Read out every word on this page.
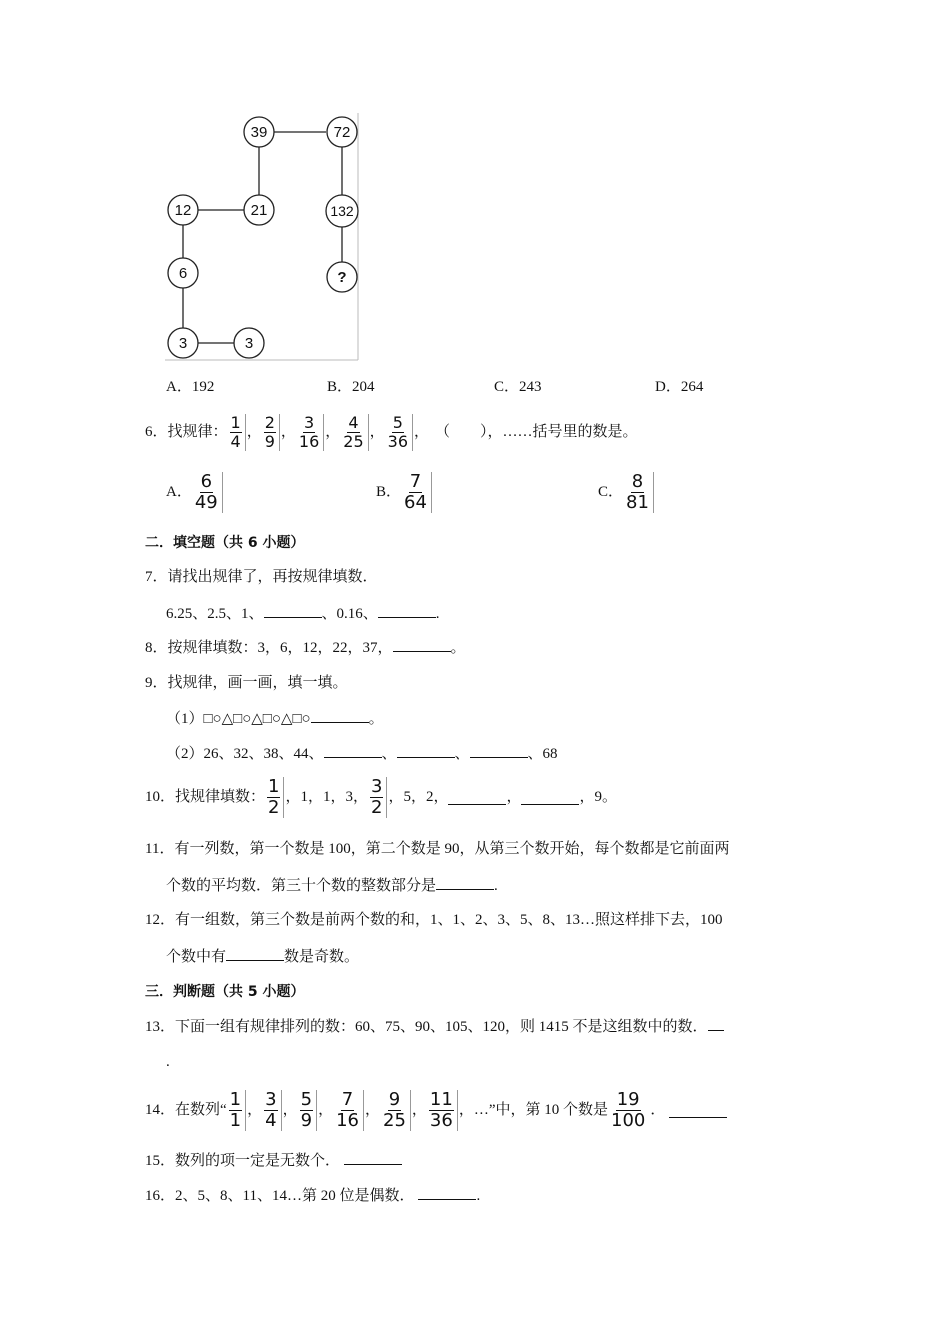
39	72
12	21	132
6	?
3	3
A．192	B．204	C．243	D．264
6．找规律： $\frac{1}{4}$ ， $\frac{2}{9}$ ， $\frac{3}{16}$ ， $\frac{4}{25}$ ， $\frac{5}{36}$ ， （　　），……括号里的数是。
A． $\frac{6}{49}$	B． $\frac{7}{64}$	C． $\frac{8}{81}$
二．填空题（共 6 小题）
7．请找出规律了，再按规律填数．
6.25、2.5、1、	、0.16、	.
8．按规律填数：3，6，12，22，37，	。
9．找规律，画一画，填一填。
（1）□○△□○△□○△□○	。
（2）26、32、38、44、	、	、	、68
10．找规律填数： $\frac{1}{2}$ ，1，1，3， $\frac{3}{2}$ ，5，2，	，	，9。
11．有一列数，第一个数是 100，第二个数是 90，从第三个数开始，每个数都是它前面两
个数的平均数．第三十个数的整数部分是	.
12．有一组数，第三个数是前两个数的和，1、1、2、3、5、8、13…照这样排下去，100
个数中有	数是奇数。
三．判断题（共 5 小题）
13．下面一组有规律排列的数：60、75、90、105、120，则 1415 不是这组数中的数．
.
14．在数列“ $\frac{1}{1}$ ， $\frac{3}{4}$ ， $\frac{5}{9}$ ， $\frac{7}{16}$ ， $\frac{9}{25}$ ， $\frac{11}{36}$ ， …”中，第 10 个数是 $\frac{19}{100}$ ．
15．数列的项一定是无数个．
16．2、5、8、11、14…第 20 位是偶数．	.
